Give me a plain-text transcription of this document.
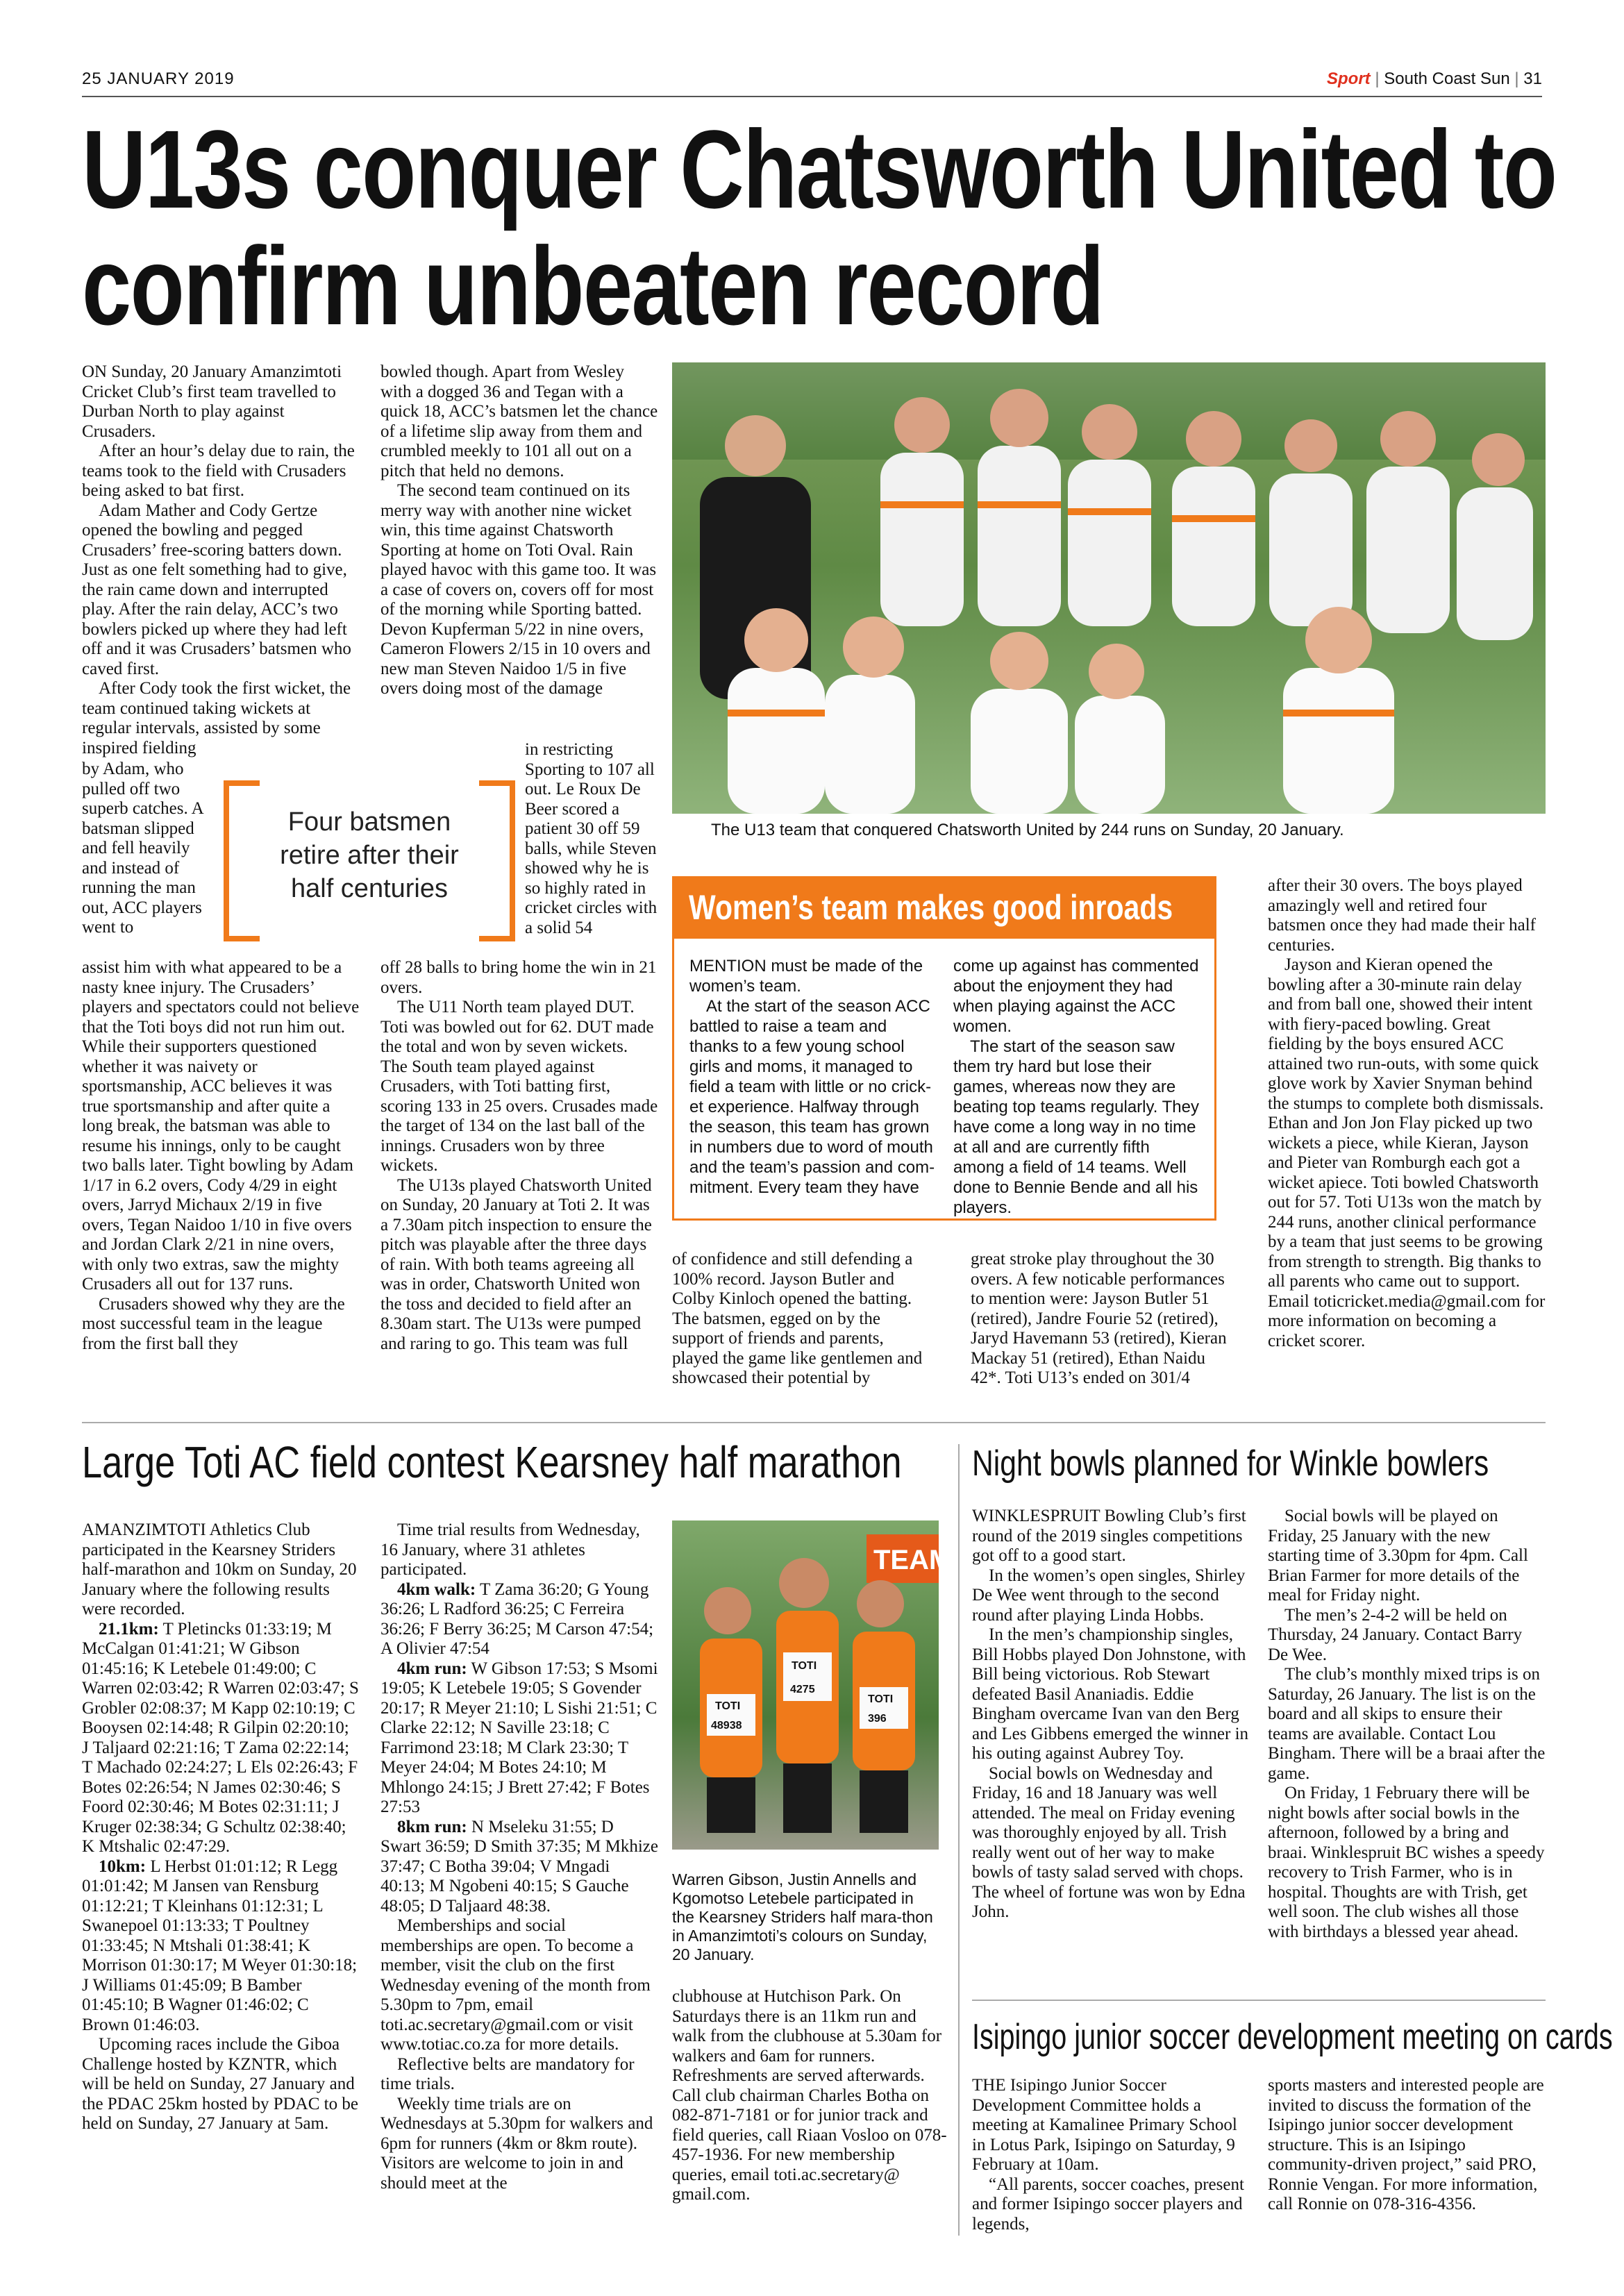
25 JANUARY 2019	Sport | South Coast Sun | 31
U13s conquer Chatsworth United to
confirm unbeaten record

ON Sunday, 20 January Amanzimtoti Cricket Club’s first team travelled to Durban North to play against Crusaders.

After an hour’s delay due to rain, the teams took to the field with Crusaders being asked to bat first.

Adam Mather and Cody Gertze opened the bowling and pegged Crusaders’ free-scoring batters down. Just as one felt something had to give, the rain came down and interrupted play. After the rain delay, ACC’s two bowlers picked up where they had left off and it was Crusaders’ batsmen who caved first.

After Cody took the first wicket, the team continued taking wickets at regular intervals, assisted by some inspired fielding

by Adam, who pulled off two superb catches. A batsman slipped and fell heavily and instead of running the man out, ACC players went to

assist him with what appeared to be a nasty knee injury. The Crusaders’ players and spectators could not believe that the Toti boys did not run him out. While their supporters questioned whether it was naivety or sportsmanship, ACC believes it was true sportsmanship and after quite a long break, the batsman was able to resume his innings, only to be caught two balls later. Tight bowling by Adam 1/17 in 6.2 overs, Cody 4/29 in eight overs, Jarryd Michaux 2/19 in five overs, Tegan Naidoo 1/10 in five overs and Jordan Clark 2/21 in nine overs, with only two extras, saw the mighty Crusaders all out for 137 runs.

Crusaders showed why they are the most successful team in the league from the first ball they

Four batsmen retire after their half centuries

bowled though. Apart from Wesley with a dogged 36 and Tegan with a quick 18, ACC’s batsmen let the chance of a lifetime slip away from them and crumbled meekly to 101 all out on a pitch that held no demons.

The second team continued on its merry way with another nine wicket win, this time against Chatsworth Sporting at home on Toti Oval. Rain played havoc with this game too. It was a case of covers on, covers off for most of the morning while Sporting batted. Devon Kupferman 5/22 in nine overs, Cameron Flowers 2/15 in 10 overs and new man Steven Naidoo 1/5 in five overs doing most of the damage

in restricting Sporting to 107 all out. Le Roux De Beer scored a patient 30 off 59 balls, while Steven showed why he is so highly rated in cricket circles with a solid 54

off 28 balls to bring home the win in 21 overs.

The U11 North team played DUT. Toti was bowled out for 62. DUT made the total and won by seven wickets. The South team played against Crusaders, with Toti batting first, scoring 133 in 25 overs. Crusades made the target of 134 on the last ball of the innings. Crusaders won by three wickets.

The U13s played Chatsworth United on Sunday, 20 January at Toti 2. It was a 7.30am pitch inspection to ensure the pitch was playable after the three days of rain. With both teams agreeing all was in order, Chatsworth United won the toss and decided to field after an 8.30am start. The U13s were pumped and raring to go. This team was full

The U13 team that conquered Chatsworth United by 244 runs on Sunday, 20 January.
Women’s team makes good inroads

MENTION must be made of the women’s team.

At the start of the season ACC battled to raise a team and thanks to a few young school girls and moms, it managed to field a team with little or no crick-et experience. Halfway through the season, this team has grown in numbers due to word of mouth and the team’s passion and com-mitment. Every team they have

come up against has commented about the enjoyment they had when playing against the ACC women.

The start of the season saw them try hard but lose their games, whereas now they are beating top teams regularly. They have come a long way in no time at all and are currently fifth among a field of 14 teams. Well done to Bennie Bende and all his players.

of confidence and still defending a 100% record. Jayson Butler and Colby Kinloch opened the batting. The batsmen, egged on by the support of friends and parents, played the game like gentlemen and showcased their potential by

great stroke play throughout the 30 overs. A few noticable performances to mention were: Jayson Butler 51 (retired), Jandre Fourie 52 (retired), Jaryd Havemann 53 (retired), Kieran Mackay 51 (retired), Ethan Naidu 42*. Toti U13’s ended on 301/4

after their 30 overs. The boys played amazingly well and retired four batsmen once they had made their half centuries.

Jayson and Kieran opened the bowling after a 30-minute rain delay and from ball one, showed their intent with fiery-paced bowling. Great fielding by the boys ensured ACC attained two run-outs, with some quick glove work by Xavier Snyman behind the stumps to complete both dismissals. Ethan and Jon Jon Flay picked up two wickets a piece, while Kieran, Jayson and Pieter van Romburgh each got a wicket apiece. Toti bowled Chatsworth out for 57. Toti U13s won the match by 244 runs, another clinical performance by a team that just seems to be growing from strength to strength. Big thanks to all parents who came out to support. Email toticricket.media@gmail.com for more information on becoming a cricket scorer.

Large Toti AC field contest Kearsney half marathon

AMANZIMTOTI Athletics Club participated in the Kearsney Striders half-marathon and 10km on Sunday, 20 January where the following results were recorded.

21.1km: T Pletincks 01:33:19; M McCalgan 01:41:21; W Gibson 01:45:16; K Letebele 01:49:00; C Warren 02:03:42; R Warren 02:03:47; S Grobler 02:08:37; M Kapp 02:10:19; C Booysen 02:14:48; R Gilpin 02:20:10; J Taljaard 02:21:16; T Zama 02:22:14; T Machado 02:24:27; L Els 02:26:43; F Botes 02:26:54; N James 02:30:46; S Foord 02:30:46; M Botes 02:31:11; J Kruger 02:38:34; G Schultz 02:38:40; K Mtshalic 02:47:29.

10km: L Herbst 01:01:12; R Legg 01:01:42; M Jansen van Rensburg 01:12:21; T Kleinhans 01:12:31; L Swanepoel 01:13:33; T Poultney 01:33:45; N Mtshali 01:38:41; K Morrison 01:30:17; M Weyer 01:30:18; J Williams 01:45:09; B Bamber 01:45:10; B Wagner 01:46:02; C Brown 01:46:03.

Upcoming races include the Giboa Challenge hosted by KZNTR, which will be held on Sunday, 27 January and the PDAC 25km hosted by PDAC to be held on Sunday, 27 January at 5am.

Time trial results from Wednesday, 16 January, where 31 athletes participated.

4km walk: T Zama 36:20; G Young 36:26; L Radford 36:25; C Ferreira 36:26; F Berry 36:25; M Carson 47:54; A Olivier 47:54

4km run: W Gibson 17:53; S Msomi 19:05; K Letebele 19:05; S Govender 20:17; R Meyer 21:10; L Sishi 21:51; C Clarke 22:12; N Saville 23:18; C Farrimond 23:18; M Clark 23:30; T Meyer 24:04; M Botes 24:10; M Mhlongo 24:15; J Brett 27:42; F Botes 27:53

8km run: N Mseleku 31:55; D Swart 36:59; D Smith 37:35; M Mkhize 37:47; C Botha 39:04; V Mngadi 40:13; M Ngobeni 40:15; S Gauche 48:05; D Taljaard 48:38.

Memberships and social memberships are open. To become a member, visit the club on the first Wednesday evening of the month from 5.30pm to 7pm, email toti.ac.secretary@gmail.com or visit www.totiac.co.za for more details.

Reflective belts are mandatory for time trials.

Weekly time trials are on Wednesdays at 5.30pm for walkers and 6pm for runners (4km or 8km route). Visitors are welcome to join in and should meet at the

TEAM
TOTI
TOTI
TOTI
48938
4275
396
Warren Gibson, Justin Annells and Kgomotso Letebele participated in the Kearsney Striders half mara-thon in Amanzimtoti’s colours on Sunday, 20 January.

clubhouse at Hutchison Park. On Saturdays there is an 11km run and walk from the clubhouse at 5.30am for walkers and 6am for runners. Refreshments are served afterwards. Call club chairman Charles Botha on 082-871-7181 or for junior track and field queries, call Riaan Vosloo on 078-457-1936. For new membership queries, email toti.ac.secretary@ gmail.com.

Night bowls planned for Winkle bowlers

WINKLESPRUIT Bowling Club’s first round of the 2019 singles competitions got off to a good start.

In the women’s open singles, Shirley De Wee went through to the second round after playing Linda Hobbs.

In the men’s championship singles, Bill Hobbs played Don Johnstone, with Bill being victorious. Rob Stewart defeated Basil Ananiadis. Eddie Bingham overcame Ivan van den Berg and Les Gibbens emerged the winner in his outing against Aubrey Toy.

Social bowls on Wednesday and Friday, 16 and 18 January was well attended. The meal on Friday evening was thoroughly enjoyed by all. Trish really went out of her way to make bowls of tasty salad served with chops. The wheel of fortune was won by Edna John.

Social bowls will be played on Friday, 25 January with the new starting time of 3.30pm for 4pm. Call Brian Farmer for more details of the meal for Friday night.

The men’s 2-4-2 will be held on Thursday, 24 January. Contact Barry De Wee.

The club’s monthly mixed trips is on Saturday, 26 January. The list is on the board and all skips to ensure their teams are available. Contact Lou Bingham. There will be a braai after the game.

On Friday, 1 February there will be night bowls after social bowls in the afternoon, followed by a bring and braai. Winklespruit BC wishes a speedy recovery to Trish Farmer, who is in hospital. Thoughts are with Trish, get well soon. The club wishes all those with birthdays a blessed year ahead.

Isipingo junior soccer development meeting on cards

THE Isipingo Junior Soccer Development Committee holds a meeting at Kamalinee Primary School in Lotus Park, Isipingo on Saturday, 9 February at 10am.

“All parents, soccer coaches, present and former Isipingo soccer players and legends,

sports masters and interested people are invited to discuss the formation of the Isipingo junior soccer development structure. This is an Isipingo community-driven project,” said PRO, Ronnie Vengan. For more information, call Ronnie on 078-316-4356.
